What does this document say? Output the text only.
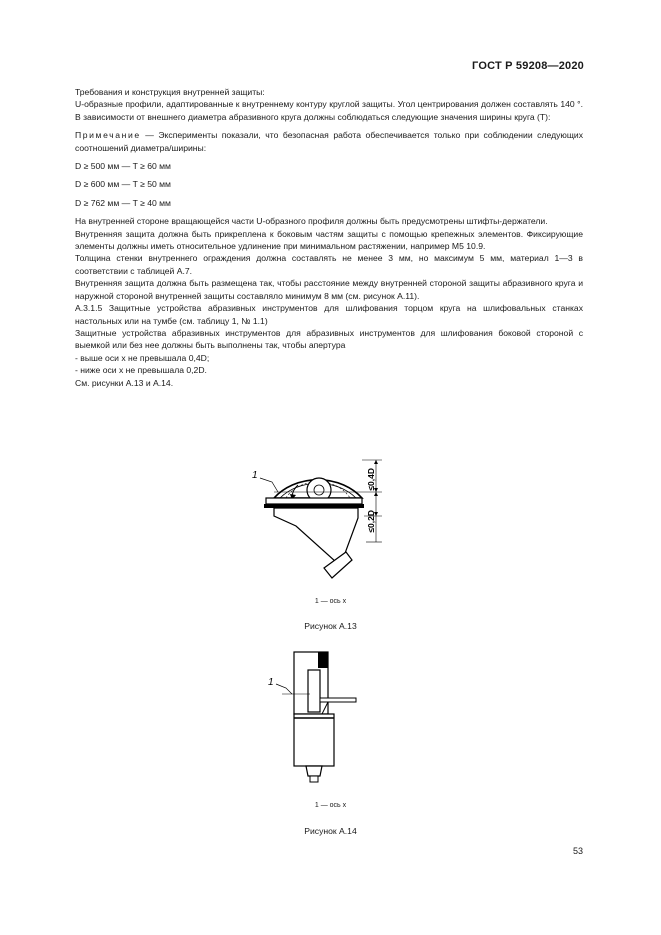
ГОСТ Р 59208—2020

Требования и конструкция внутренней защиты:

U-образные профили, адаптированные к внутреннему контуру круглой защиты. Угол центрирования должен составлять 140 °. В зависимости от внешнего диаметра абразивного круга должны соблюдаться следующие значения ширины круга (T):

Примечание — Эксперименты показали, что безопасная работа обеспечивается только при соблюдении следующих соотношений диаметра/ширины:

D ≥ 500 мм — T ≥ 60 мм

D ≥ 600 мм — T ≥ 50 мм

D ≥ 762 мм — T ≥ 40 мм

На внутренней стороне вращающейся части U-образного профиля должны быть предусмотрены штифты-держатели.

Внутренняя защита должна быть прикреплена к боковым частям защиты с помощью крепежных элементов. Фиксирующие элементы должны иметь относительное удлинение при минимальном растяжении, например М5 10.9.

Толщина стенки внутреннего ограждения должна составлять не менее 3 мм, но максимум 5 мм, материал 1—3 в соответствии с таблицей А.7.

Внутренняя защита должна быть размещена так, чтобы расстояние между внутренней стороной защиты абразивного круга и наружной стороной внутренней защиты составляло минимум 8 мм (см. рисунок А.11).

А.3.1.5 Защитные устройства абразивных инструментов для шлифования торцом круга на шлифовальных станках настольных или на тумбе (см. таблицу 1, № 1.1)

Защитные устройства абразивных инструментов для абразивных инструментов для шлифования боковой стороной с выемкой или без нее должны быть выполнены так, чтобы апертура

- выше оси х не превышала 0,4D;

- ниже оси х не превышала 0,2D.

См. рисунки А.13 и А.14.

1	≤0,4D
≤0,2D
1 — ось х
Рисунок А.13
1
1 — ось х
Рисунок А.14
53
